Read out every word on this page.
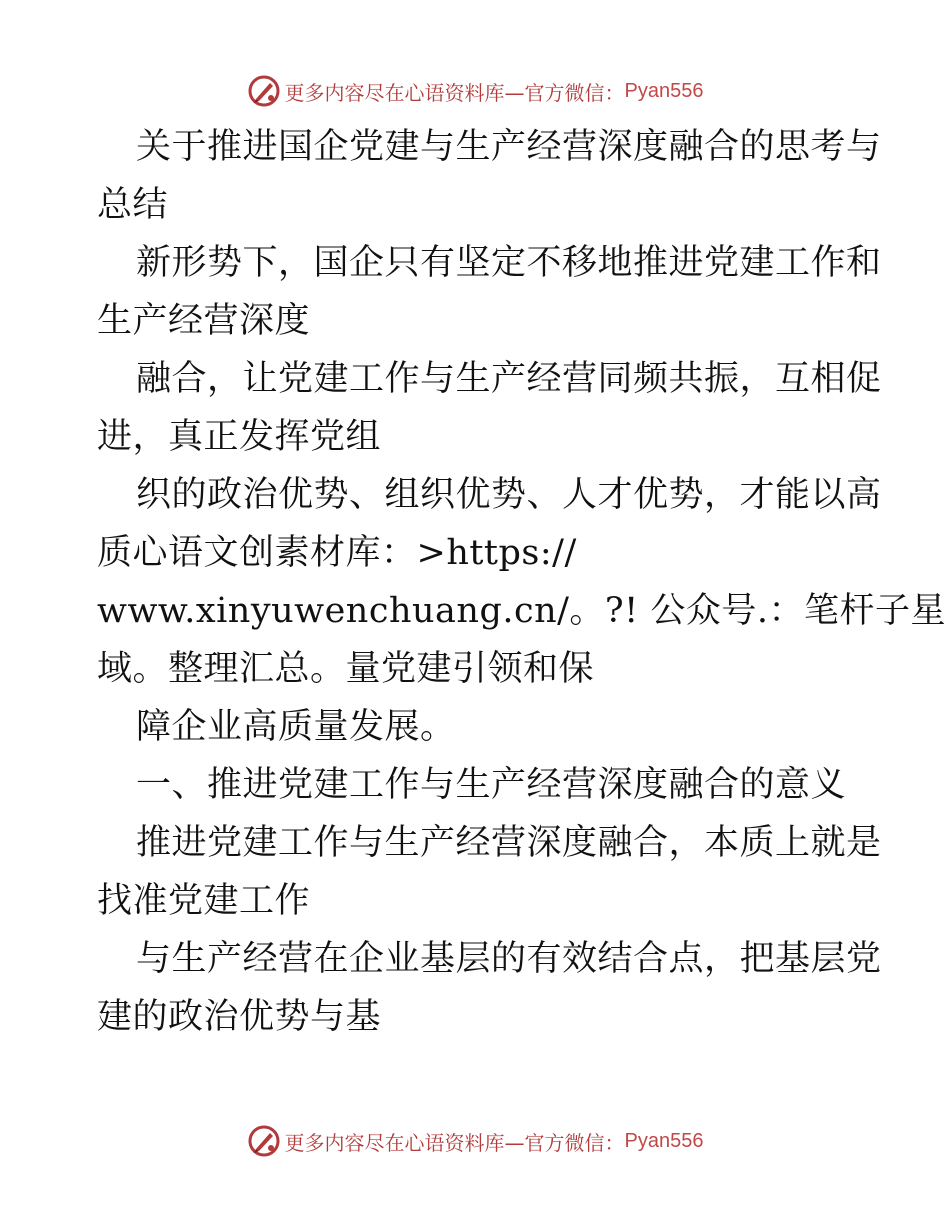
更多内容尽在心语资料库—官方微信： Pyan556
关于推进国企党建与生产经营深度融合的思考与
总结
新形势下，国企只有坚定不移地推进党建工作和
生产经营深度
融合，让党建工作与生产经营同频共振，互相促
进，真正发挥党组
织的政治优势、组织优势、人才优势，才能以高
质心语文创素材库：>https://
www.xinyuwenchuang.cn/。?! 公众号.：笔杆子星
域。整理汇总。量党建引领和保
障企业高质量发展。
一、推进党建工作与生产经营深度融合的意义
推进党建工作与生产经营深度融合，本质上就是
找准党建工作
与生产经营在企业基层的有效结合点，把基层党
建的政治优势与基
更多内容尽在心语资料库—官方微信： Pyan556
